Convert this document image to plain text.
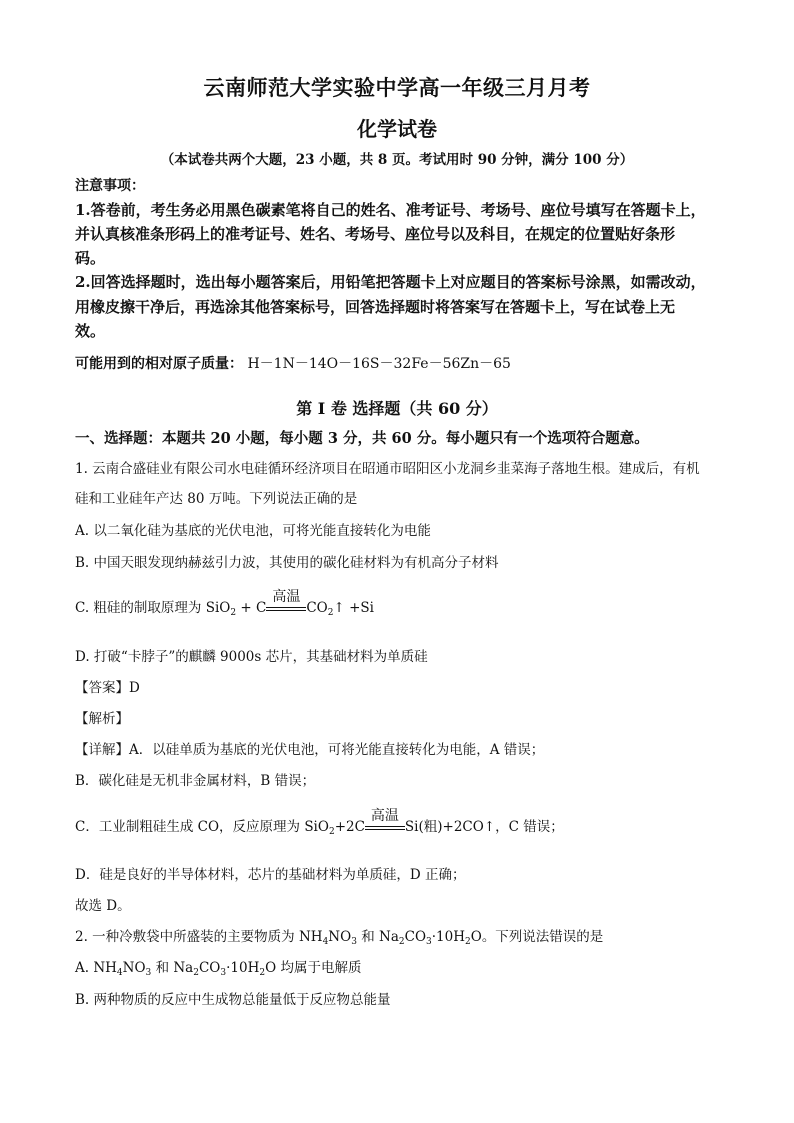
云南师范大学实验中学高一年级三月月考
化学试卷
（本试卷共两个大题，23 小题，共 8 页。考试用时 90 分钟，满分 100 分）
注意事项：
1.答卷前，考生务必用黑色碳素笔将自己的姓名、准考证号、考场号、座位号填写在答题卡上，
并认真核准条形码上的准考证号、姓名、考场号、座位号以及科目，在规定的位置贴好条形
码。
2.回答选择题时，选出每小题答案后，用铅笔把答题卡上对应题目的答案标号涂黑，如需改动，
用橡皮擦干净后，再选涂其他答案标号，回答选择题时将答案写在答题卡上，写在试卷上无
效。
可能用到的相对原子质量： H－1N－14O－16S－32Fe－56Zn－65
第 I 卷 选择题（共 60 分）
一、选择题：本题共 20 小题，每小题 3 分，共 60 分。每小题只有一个选项符合题意。
1. 云南合盛硅业有限公司水电硅循环经济项目在昭通市昭阳区小龙洞乡韭菜海子落地生根。建成后，有机
硅和工业硅年产达 80 万吨。下列说法正确的是
A. 以二氧化硅为基底的光伏电池，可将光能直接转化为电能
B. 中国天眼发现纳赫兹引力波，其使用的碳化硅材料为有机高分子材料
C. 粗硅的制取原理为 SiO$_2$ + C
高温
$CO_2↑ +Si$
D. 打破“卡脖子”的麒麟 9000s 芯片，其基础材料为单质硅
【答案】D
【解析】
【详解】A．以硅单质为基底的光伏电池，可将光能直接转化为电能，A 错误；
B．碳化硅是无机非金属材料，B 错误；
C．工业制粗硅生成 CO，反应原理为 SiO$_2$+2C
高温
Si(粗)+2CO↑，C 错误；
D．硅是良好的半导体材料，芯片的基础材料为单质硅，D 正确；
故选 D。
2. 一种冷敷袋中所盛装的主要物质为 $NH_4NO_3$ 和 $Na_2CO_3\cdot 10H_2O$。下列说法错误的是
A. $NH_4NO_3$ 和 $Na_2CO_3\cdot 10H_2O$ 均属于电解质
B. 两种物质的反应中生成物总能量低于反应物总能量
